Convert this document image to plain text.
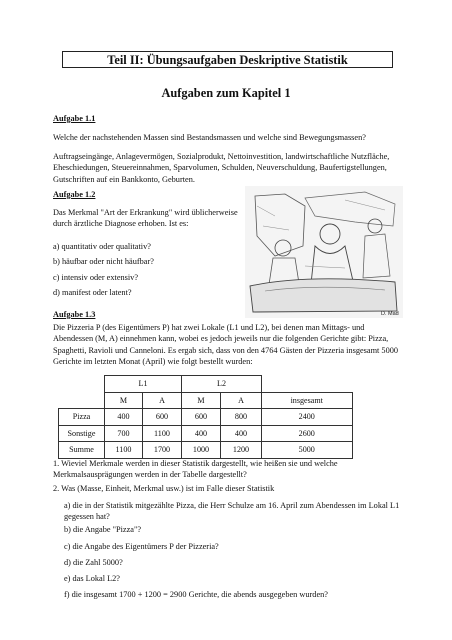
Teil II: Übungsaufgaben Deskriptive Statistik
Aufgaben zum Kapitel 1
Aufgabe 1.1
Welche der nachstehenden Massen sind Bestandsmassen und welche sind Bewegungsmassen?
Auftragseingänge, Anlagevermögen, Sozialprodukt, Nettoinvestition, landwirtschaftliche Nutzfläche, Eheschiedungen, Steuereinnahmen, Sparvolumen, Schulden, Neuverschuldung, Baufertigstellungen, Gutschriften auf ein Bankkonto, Geburten.
Aufgabe 1.2
Das Merkmal "Art der Erkrankung" wird üblicherweise durch ärztliche Diagnose erhoben. Ist es:
a) quantitativ oder qualitativ?
b) häufbar oder nicht häufbar?
c) intensiv oder extensiv?
d) manifest oder latent?
D. Mad
Aufgabe 1.3
Die Pizzeria P (des Eigentümers P) hat zwei Lokale (L1 und L2), bei denen man Mittags- und Abendessen (M, A) einnehmen kann, wobei es jedoch jeweils nur die folgenden Gerichte gibt: Pizza, Spaghetti, Ravioli und Canneloni. Es ergab sich, dass von den 4764 Gästen der Pizzeria insgesamt 5000 Gerichte im letzten Monat (April) wie folgt bestellt wurden:
	L1		L2			
	M	A	M	A	insgesamt	
Pizza	400	600	600	800	2400	
Sonstige	700	1100	400	400	2600	
Summe	1100	1700	1000	1200	5000	
1. Wieviel Merkmale werden in dieser Statistik dargestellt, wie heißen sie und welche Merkmalsausprägungen werden in der Tabelle dargestellt?
2. Was (Masse, Einheit, Merkmal usw.) ist im Falle dieser Statistik
a) die in der Statistik mitgezählte Pizza, die Herr Schulze am 16. April zum Abendessen im Lokal L1 gegessen hat?
b) die Angabe "Pizza"?
c) die Angabe des Eigentümers P der Pizzeria?
d) die Zahl 5000?
e) das Lokal L2?
f) die insgesamt 1700 + 1200 = 2900 Gerichte, die abends ausgegeben wurden?
